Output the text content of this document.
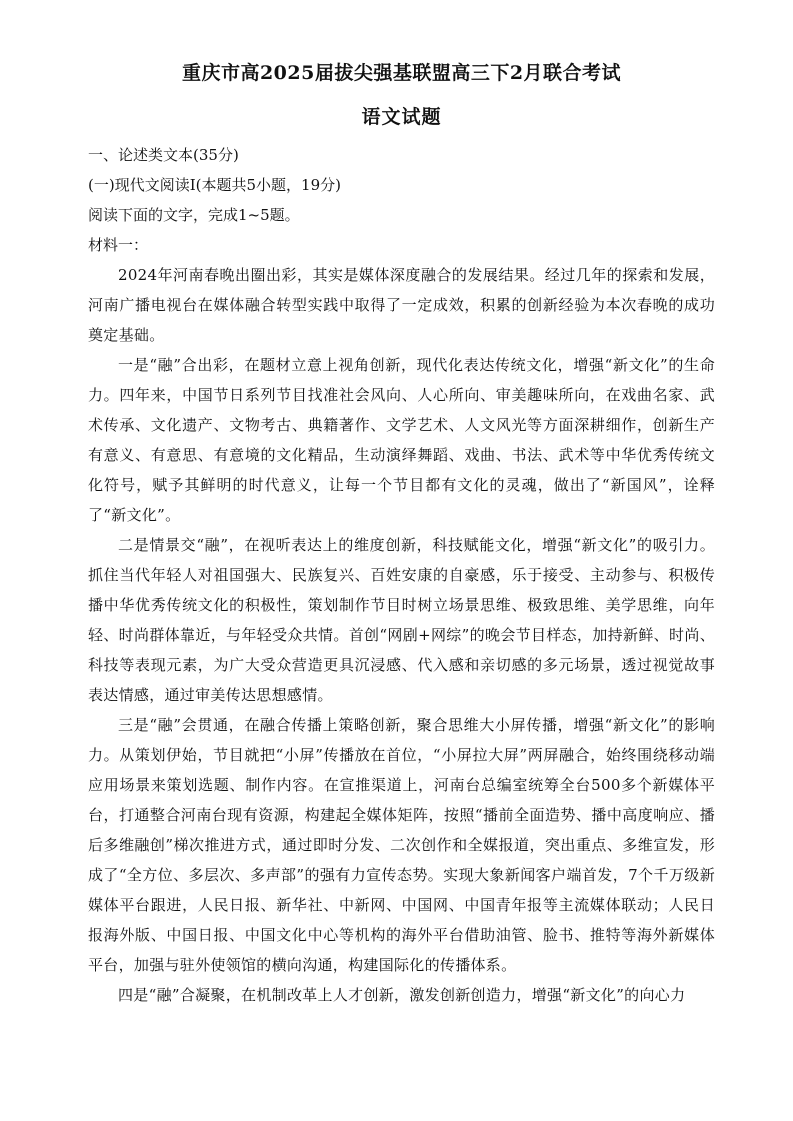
重庆市高2025届拔尖强基联盟高三下2月联合考试
语文试题

一、论述类文本(35分)

(一)现代文阅读Ⅰ(本题共5小题，19分)

阅读下面的文字，完成1~5题。

材料一：

2024年河南春晚出圈出彩，其实是媒体深度融合的发展结果。经过几年的探索和发展，河南广播电视台在媒体融合转型实践中取得了一定成效，积累的创新经验为本次春晚的成功奠定基础。

一是“融”合出彩，在题材立意上视角创新，现代化表达传统文化，增强“新文化”的生命力。四年来，中国节日系列节目找准社会风向、人心所向、审美趣味所向，在戏曲名家、武术传承、文化遗产、文物考古、典籍著作、文学艺术、人文风光等方面深耕细作，创新生产有意义、有意思、有意境的文化精品，生动演绎舞蹈、戏曲、书法、武术等中华优秀传统文化符号，赋予其鲜明的时代意义，让每一个节目都有文化的灵魂，做出了“新国风”，诠释了“新文化”。

二是情景交“融”，在视听表达上的维度创新，科技赋能文化，增强“新文化”的吸引力。抓住当代年轻人对祖国强大、民族复兴、百姓安康的自豪感，乐于接受、主动参与、积极传播中华优秀传统文化的积极性，策划制作节目时树立场景思维、极致思维、美学思维，向年轻、时尚群体靠近，与年轻受众共情。首创“网剧+网综”的晚会节目样态，加持新鲜、时尚、科技等表现元素，为广大受众营造更具沉浸感、代入感和亲切感的多元场景，透过视觉故事表达情感，通过审美传达思想感情。

三是“融”会贯通，在融合传播上策略创新，聚合思维大小屏传播，增强“新文化”的影响力。从策划伊始，节目就把“小屏”传播放在首位，“小屏拉大屏”两屏融合，始终围绕移动端应用场景来策划选题、制作内容。在宣推渠道上，河南台总编室统筹全台500多个新媒体平台，打通整合河南台现有资源，构建起全媒体矩阵，按照“播前全面造势、播中高度响应、播后多维融创”梯次推进方式，通过即时分发、二次创作和全媒报道，突出重点、多维宣发，形成了“全方位、多层次、多声部”的强有力宣传态势。实现大象新闻客户端首发，7个千万级新媒体平台跟进，人民日报、新华社、中新网、中国网、中国青年报等主流媒体联动；人民日报海外版、中国日报、中国文化中心等机构的海外平台借助油管、脸书、推特等海外新媒体平台，加强与驻外使领馆的横向沟通，构建国际化的传播体系。

四是“融”合凝聚，在机制改革上人才创新，激发创新创造力，增强“新文化”的向心力
